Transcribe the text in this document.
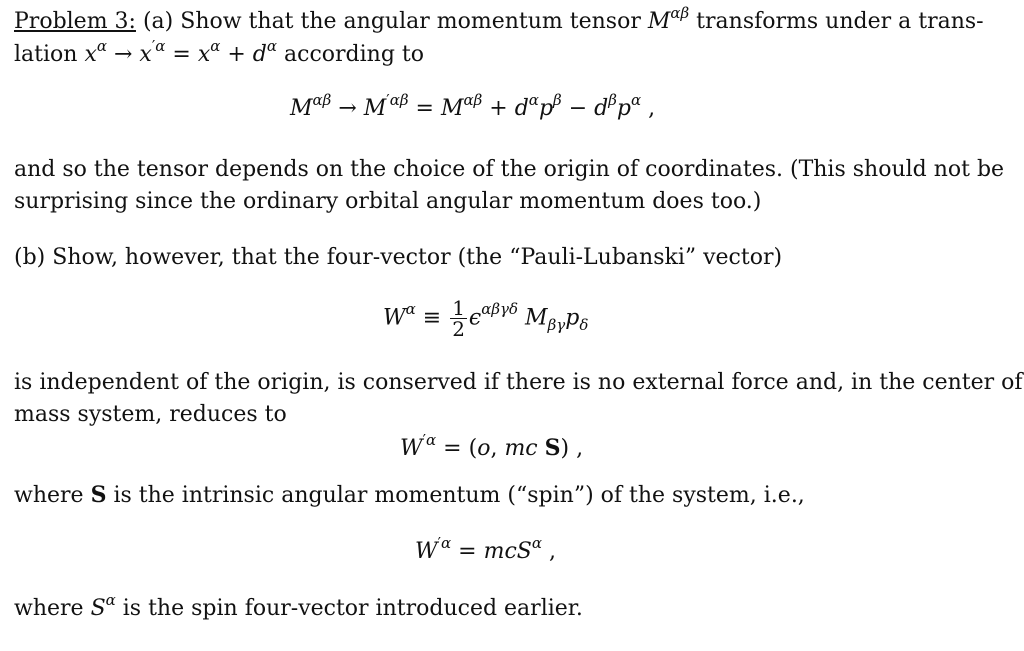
Problem 3: (a) Show that the angular momentum tensor $M^{\alpha\beta}$ transforms under a trans-
lation $x^\alpha \to x^{'\alpha} = x^\alpha + d^\alpha$ according to
$M^{\alpha\beta} \to M^{'\alpha\beta} = M^{\alpha\beta} + d^\alpha p^\beta - d^\beta p^\alpha$ ,
and so the tensor depends on the choice of the origin of coordinates. (This should not be
surprising since the ordinary orbital angular momentum does too.)
(b) Show, however, that the four-vector (the “Pauli-Lubanski” vector)
$W^\alpha \equiv \frac{1}{2} \epsilon^{\alpha\beta\gamma\delta}$ $M_{\beta\gamma}p_\delta$
is independent of the origin, is conserved if there is no external force and, in the center of
mass system, reduces to
$W^{'\alpha} = (o$, mc S) ,
where S is the intrinsic angular momentum (“spin”) of the system, i.e.,
$W^{'\alpha} = mcS^\alpha$ ,
where $S^\alpha$ is the spin four-vector introduced earlier.
